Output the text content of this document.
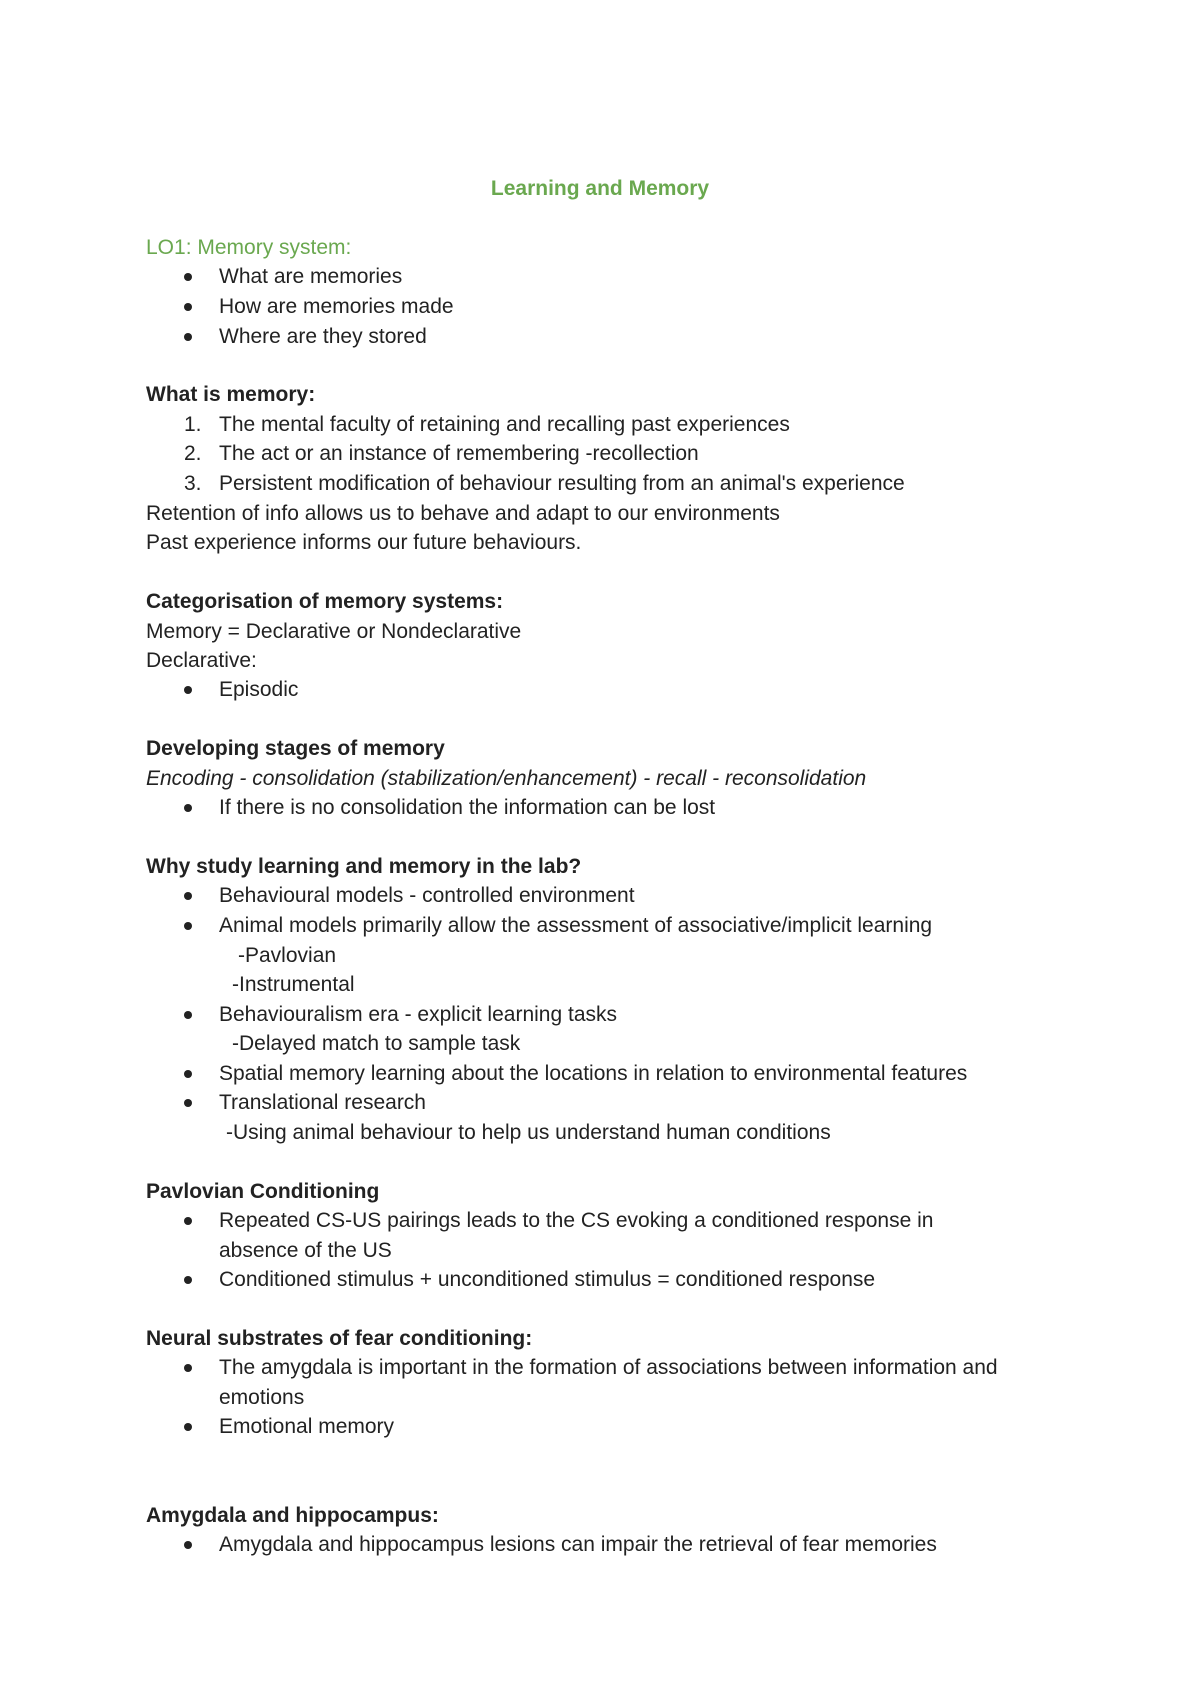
Learning and Memory
LO1: Memory system:
What are memories
How are memories made
Where are they stored
What is memory:
1. The mental faculty of retaining and recalling past experiences
2. The act or an instance of remembering -recollection
3. Persistent modification of behaviour resulting from an animal's experience
Retention of info allows us to behave and adapt to our environments
Past experience informs our future behaviours.
Categorisation of memory systems:
Memory = Declarative or Nondeclarative
Declarative:
Episodic
Developing stages of memory
Encoding - consolidation (stabilization/enhancement) - recall - reconsolidation
If there is no consolidation the information can be lost
Why study learning and memory in the lab?
Behavioural models - controlled environment
Animal models primarily allow the assessment of associative/implicit learning
-Pavlovian
-Instrumental
Behaviouralism era - explicit learning tasks
-Delayed match to sample task
Spatial memory learning about the locations in relation to environmental features
Translational research
-Using animal behaviour to help us understand human conditions
Pavlovian Conditioning
Repeated CS-US pairings leads to the CS evoking a conditioned response in
absence of the US
Conditioned stimulus + unconditioned stimulus = conditioned response
Neural substrates of fear conditioning:
The amygdala is important in the formation of associations between information and
emotions
Emotional memory
Amygdala and hippocampus:
Amygdala and hippocampus lesions can impair the retrieval of fear memories
